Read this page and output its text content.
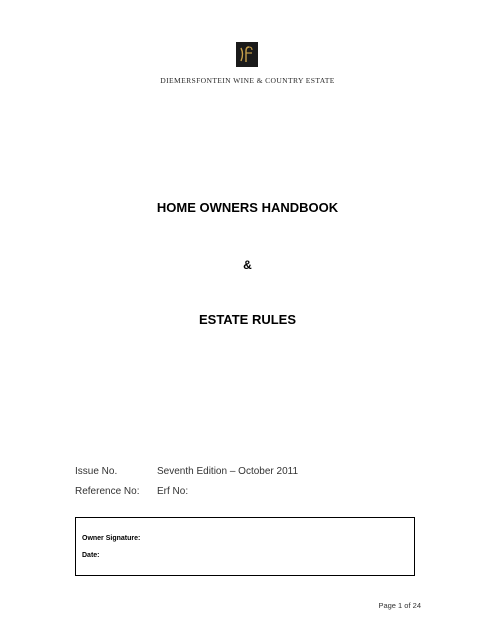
DIEMERSFONTEIN WINE & COUNTRY ESTATE
HOME OWNERS HANDBOOK
&
ESTATE RULES
Issue No.	Seventh Edition – October 2011
Reference No: Erf No:
Owner Signature:
Date:
Page 1 of 24
